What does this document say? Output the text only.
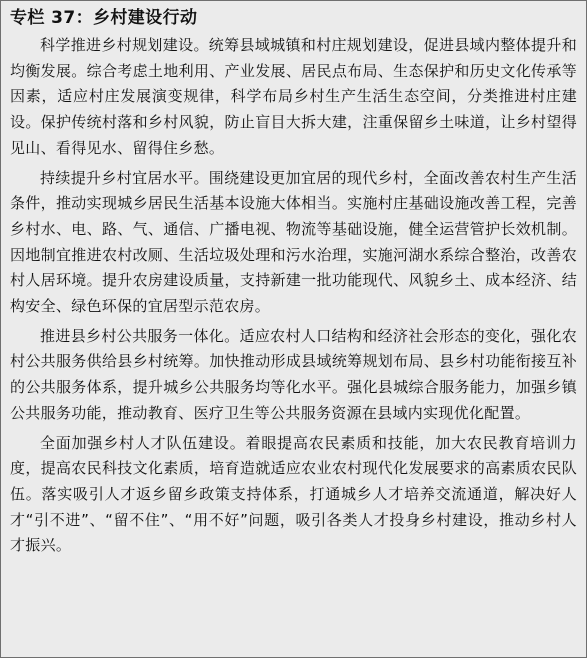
专栏 37：乡村建设行动

科学推进乡村规划建设。统筹县域城镇和村庄规划建设，促进县域内整体提升和均衡发展。综合考虑土地利用、产业发展、居民点布局、生态保护和历史文化传承等因素，适应村庄发展演变规律，科学布局乡村生产生活生态空间，分类推进村庄建设。保护传统村落和乡村风貌，防止盲目大拆大建，注重保留乡土味道，让乡村望得见山、看得见水、留得住乡愁。

持续提升乡村宜居水平。围绕建设更加宜居的现代乡村，全面改善农村生产生活条件，推动实现城乡居民生活基本设施大体相当。实施村庄基础设施改善工程，完善乡村水、电、路、气、通信、广播电视、物流等基础设施，健全运营管护长效机制。因地制宜推进农村改厕、生活垃圾处理和污水治理，实施河湖水系综合整治，改善农村人居环境。提升农房建设质量，支持新建一批功能现代、风貌乡土、成本经济、结构安全、绿色环保的宜居型示范农房。

推进县乡村公共服务一体化。适应农村人口结构和经济社会形态的变化，强化农村公共服务供给县乡村统筹。加快推动形成县域统筹规划布局、县乡村功能衔接互补的公共服务体系，提升城乡公共服务均等化水平。强化县城综合服务能力，加强乡镇公共服务功能，推动教育、医疗卫生等公共服务资源在县域内实现优化配置。

全面加强乡村人才队伍建设。着眼提高农民素质和技能，加大农民教育培训力度，提高农民科技文化素质，培育造就适应农业农村现代化发展要求的高素质农民队伍。落实吸引人才返乡留乡政策支持体系，打通城乡人才培养交流通道，解决好人才“引不进”、“留不住”、“用不好”问题，吸引各类人才投身乡村建设，推动乡村人才振兴。
